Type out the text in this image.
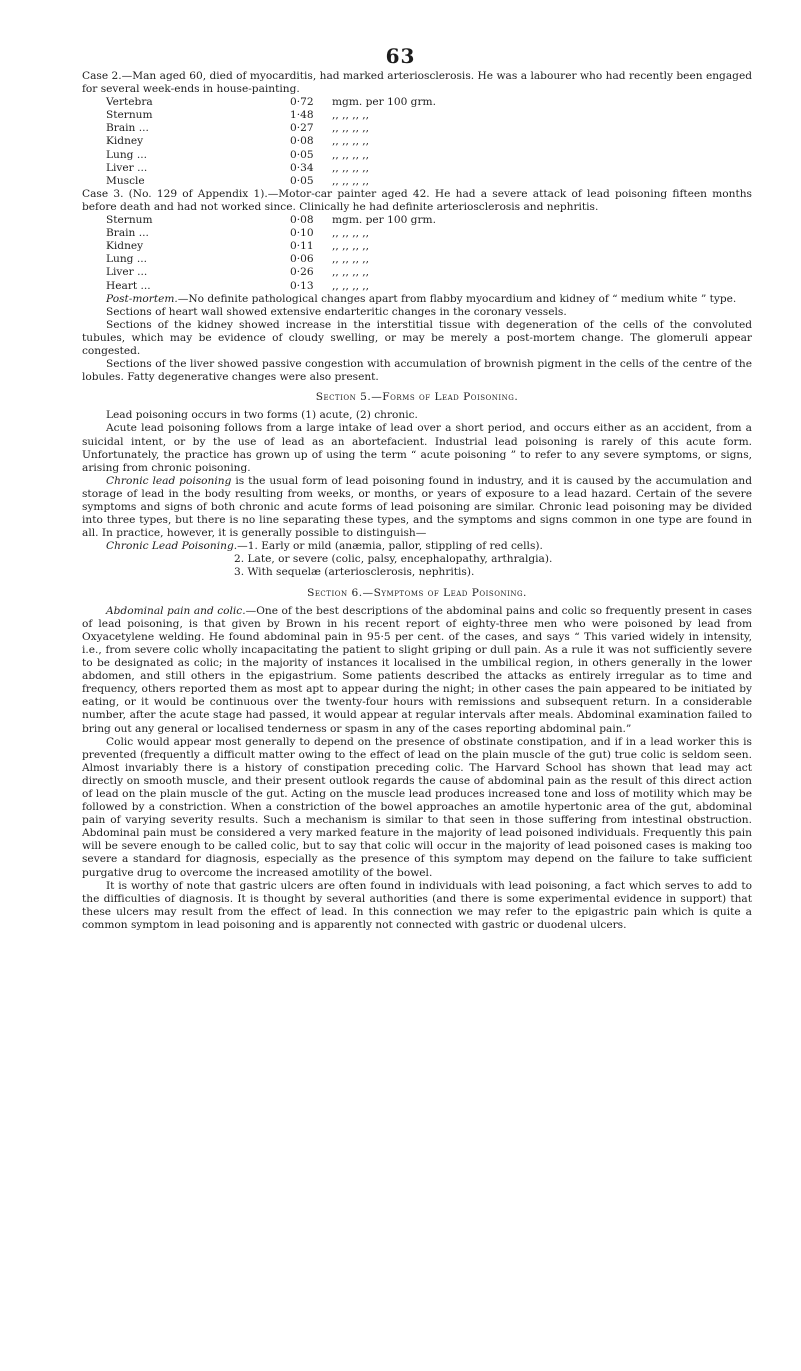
63

Case 2.—Man aged 60, died of myocarditis, had marked arteriosclerosis. He was a labourer who had recently been engaged for several week-ends in house-painting.

Vertebra	0·72	mgm. per 100 grm.
Sternum	1·48	,, ,, ,, ,,
Brain ...	0·27	,, ,, ,, ,,
Kidney	0·08	,, ,, ,, ,,
Lung ...	0·05	,, ,, ,, ,,
Liver ...	0·34	,, ,, ,, ,,
Muscle	0·05	,, ,, ,, ,,

Case 3. (No. 129 of Appendix 1).—Motor-car painter aged 42. He had a severe attack of lead poisoning fifteen months before death and had not worked since. Clinically he had definite arteriosclerosis and nephritis.

Sternum	0·08	mgm. per 100 grm.
Brain ...	0·10	,, ,, ,, ,,
Kidney	0·11	,, ,, ,, ,,
Lung ...	0·06	,, ,, ,, ,,
Liver ...	0·26	,, ,, ,, ,,
Heart ...	0·13	,, ,, ,, ,,

Post-mortem.—No definite pathological changes apart from flabby myocardium and kidney of “ medium white ” type.

Sections of heart wall showed extensive endarteritic changes in the coronary vessels.

Sections of the kidney showed increase in the interstitial tissue with degeneration of the cells of the convoluted tubules, which may be evidence of cloudy swelling, or may be merely a post-mortem change. The glomeruli appear congested.

Sections of the liver showed passive congestion with accumulation of brownish pigment in the cells of the centre of the lobules. Fatty degenerative changes were also present.

Section 5.—Forms of Lead Poisoning.

Lead poisoning occurs in two forms (1) acute, (2) chronic.

Acute lead poisoning follows from a large intake of lead over a short period, and occurs either as an accident, from a suicidal intent, or by the use of lead as an abortefacient. Industrial lead poisoning is rarely of this acute form. Unfortunately, the practice has grown up of using the term “ acute poisoning ” to refer to any severe symptoms, or signs, arising from chronic poisoning.

Chronic lead poisoning is the usual form of lead poisoning found in industry, and it is caused by the accumulation and storage of lead in the body resulting from weeks, or months, or years of exposure to a lead hazard. Certain of the severe symptoms and signs of both chronic and acute forms of lead poisoning are similar. Chronic lead poisoning may be divided into three types, but there is no line separating these types, and the symptoms and signs common in one type are found in all. In practice, however, it is generally possible to distinguish—

Chronic Lead Poisoning.—1. Early or mild (anæmia, pallor, stippling of red cells).

2. Late, or severe (colic, palsy, encephalopathy, arthralgia).

3. With sequelæ (arteriosclerosis, nephritis).

Section 6.—Symptoms of Lead Poisoning.

Abdominal pain and colic.—One of the best descriptions of the abdominal pains and colic so frequently present in cases of lead poisoning, is that given by Brown in his recent report of eighty-three men who were poisoned by lead from Oxyacetylene welding. He found abdominal pain in 95·5 per cent. of the cases, and says “ This varied widely in intensity, i.e., from severe colic wholly incapacitating the patient to slight griping or dull pain. As a rule it was not sufficiently severe to be designated as colic; in the majority of instances it localised in the umbilical region, in others generally in the lower abdomen, and still others in the epigastrium. Some patients described the attacks as entirely irregular as to time and frequency, others reported them as most apt to appear during the night; in other cases the pain appeared to be initiated by eating, or it would be continuous over the twenty-four hours with remissions and subsequent return. In a considerable number, after the acute stage had passed, it would appear at regular intervals after meals. Abdominal examination failed to bring out any general or localised tenderness or spasm in any of the cases reporting abdominal pain.”

Colic would appear most generally to depend on the presence of obstinate constipation, and if in a lead worker this is prevented (frequently a difficult matter owing to the effect of lead on the plain muscle of the gut) true colic is seldom seen. Almost invariably there is a history of constipation preceding colic. The Harvard School has shown that lead may act directly on smooth muscle, and their present outlook regards the cause of abdominal pain as the result of this direct action of lead on the plain muscle of the gut. Acting on the muscle lead produces increased tone and loss of motility which may be followed by a constriction. When a constriction of the bowel approaches an amotile hypertonic area of the gut, abdominal pain of varying severity results. Such a mechanism is similar to that seen in those suffering from intestinal obstruction. Abdominal pain must be considered a very marked feature in the majority of lead poisoned individuals. Frequently this pain will be severe enough to be called colic, but to say that colic will occur in the majority of lead poisoned cases is making too severe a standard for diagnosis, especially as the presence of this symptom may depend on the failure to take sufficient purgative drug to overcome the increased amotility of the bowel.

It is worthy of note that gastric ulcers are often found in individuals with lead poisoning, a fact which serves to add to the difficulties of diagnosis. It is thought by several authorities (and there is some experimental evidence in support) that these ulcers may result from the effect of lead. In this connection we may refer to the epigastric pain which is quite a common symptom in lead poisoning and is apparently not connected with gastric or duodenal ulcers.
